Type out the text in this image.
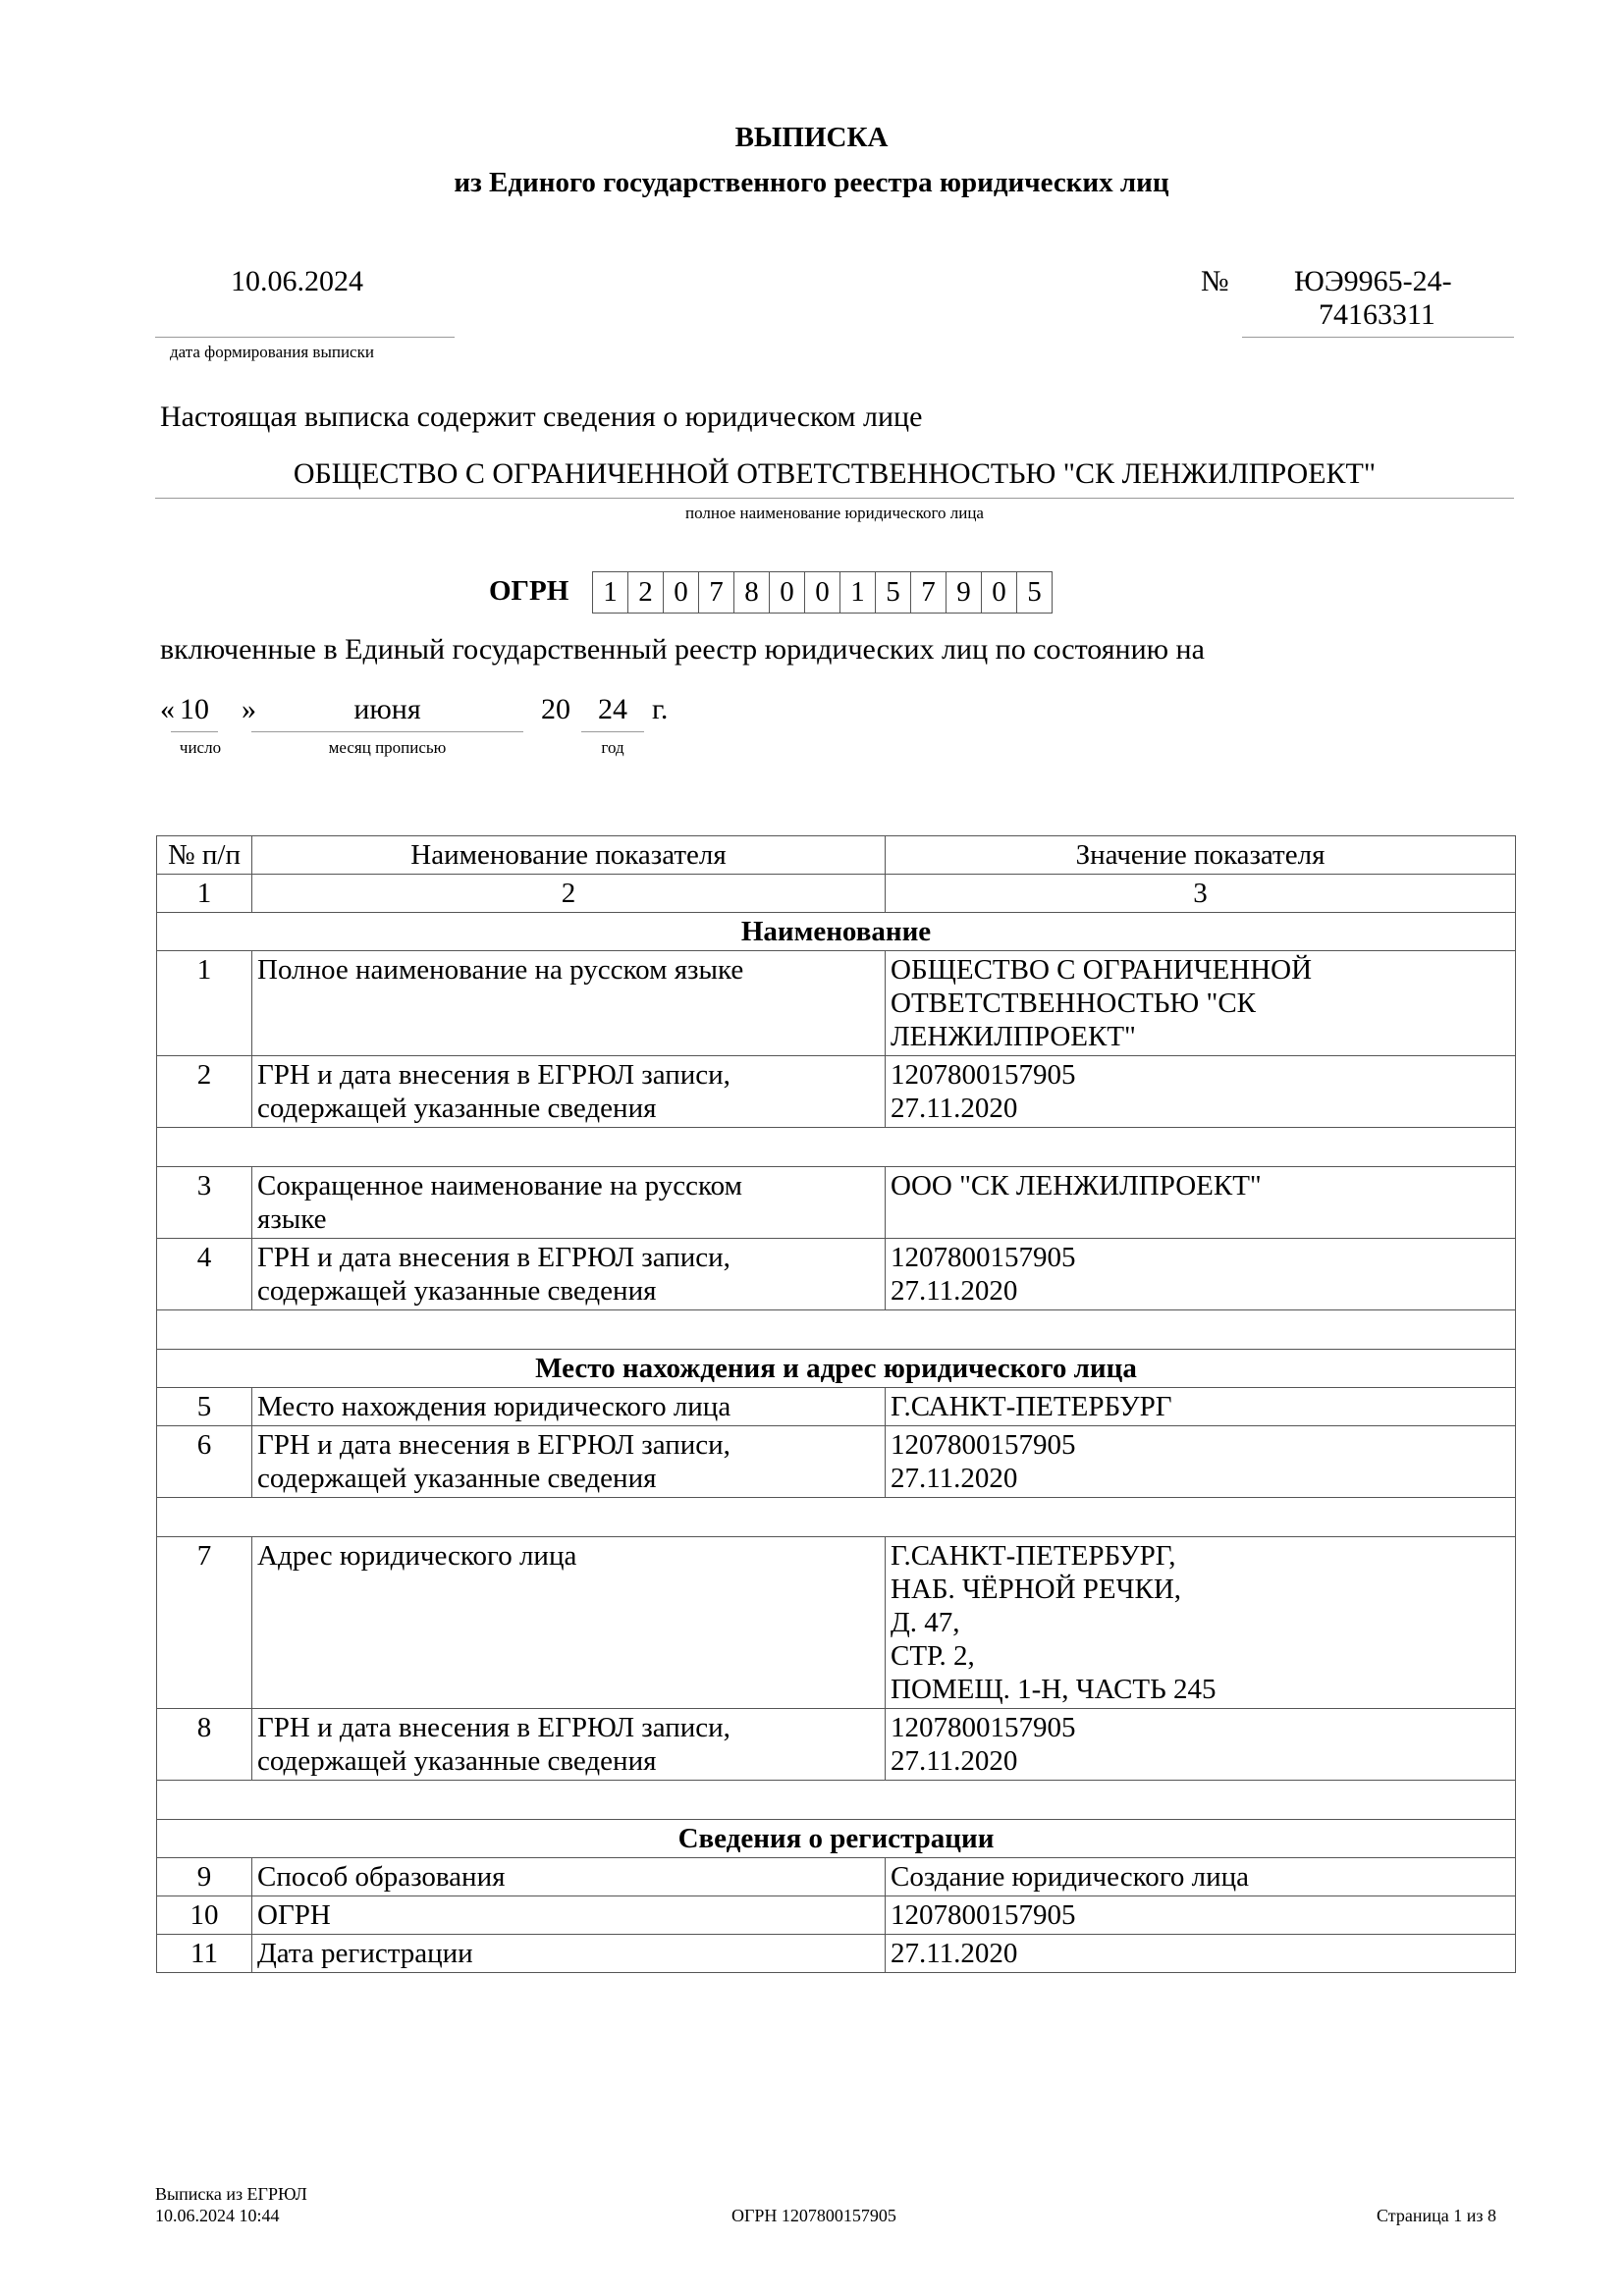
ВЫПИСКА
из Единого государственного реестра юридических лиц
10.06.2024
дата формирования выписки
№ ЮЭ9965-24-
74163311
Настоящая выписка содержит сведения о юридическом лице
ОБЩЕСТВО С ОГРАНИЧЕННОЙ ОТВЕТСТВЕННОСТЬЮ "СК ЛЕНЖИЛПРОЕКТ"
полное наименование юридического лица
ОГРН	1 2 0 7 8 0 0 1 5 7 9 0 5
включенные в Единый государственный реестр юридических лиц по состоянию на
« 10	»	июня	20 24 г.
число	месяц прописью	год
№ п/п	Наименование показателя	Значение показателя
1	2	3
Наименование		
1	Полное наименование на русском языке	ОБЩЕСТВО С ОГРАНИЧЕННОЙ
ОТВЕТСТВЕННОСТЬЮ "СК
ЛЕНЖИЛПРОЕКТ"
2	ГРН и дата внесения в ЕГРЮЛ записи,
содержащей указанные сведения	1207800157905
27.11.2020

3	Сокращенное наименование на русском
языке	ООО "СК ЛЕНЖИЛПРОЕКТ"
4	ГРН и дата внесения в ЕГРЮЛ записи,
содержащей указанные сведения	1207800157905
27.11.2020

Место нахождения и адрес юридического лица		
5	Место нахождения юридического лица	Г.САНКТ-ПЕТЕРБУРГ
6	ГРН и дата внесения в ЕГРЮЛ записи,
содержащей указанные сведения	1207800157905
27.11.2020

7	Адрес юридического лица	Г.САНКТ-ПЕТЕРБУРГ,
НАБ. ЧЁРНОЙ РЕЧКИ,
Д. 47,
СТР. 2,
ПОМЕЩ. 1-Н, ЧАСТЬ 245
8	ГРН и дата внесения в ЕГРЮЛ записи,
содержащей указанные сведения	1207800157905
27.11.2020

Сведения о регистрации		
9	Способ образования	Создание юридического лица
10	ОГРН	1207800157905
11	Дата регистрации	27.11.2020
Выписка из ЕГРЮЛ
10.06.2024 10:44	ОГРН 1207800157905	Страница 1 из 8
